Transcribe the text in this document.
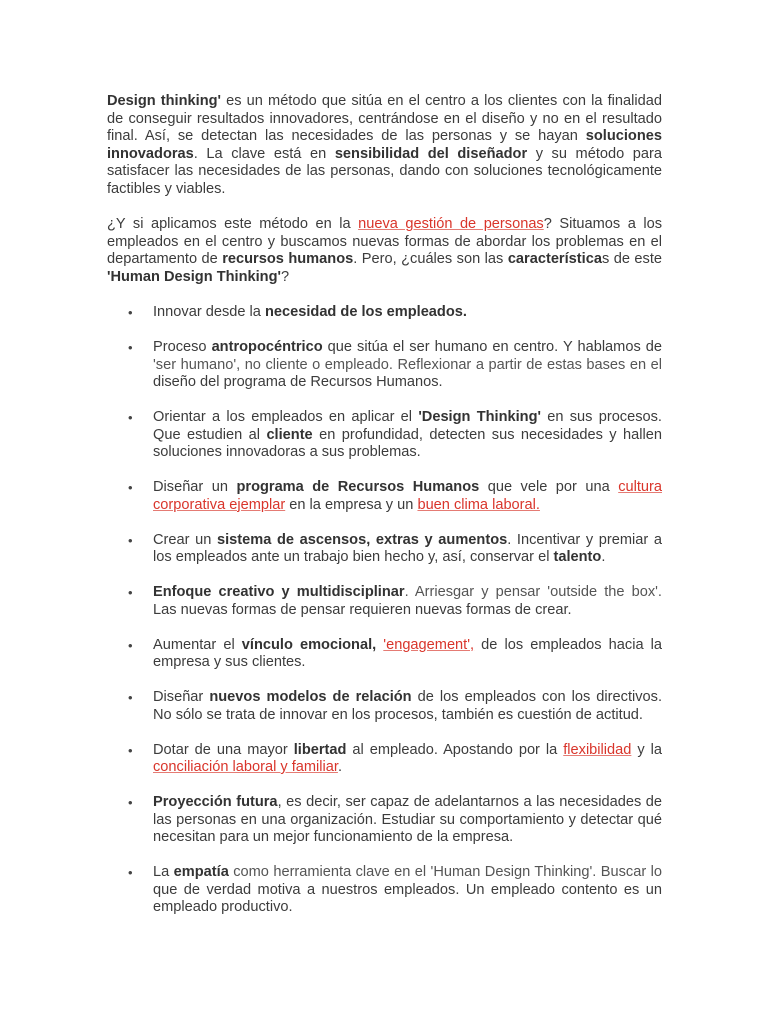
Design thinking' es un método que sitúa en el centro a los clientes con la finalidad de conseguir resultados innovadores, centrándose en el diseño y no en el resultado final. Así, se detectan las necesidades de las personas y se hayan soluciones innovadoras. La clave está en sensibilidad del diseñador y su método para satisfacer las necesidades de las personas, dando con soluciones tecnológicamente factibles y viables.

¿Y si aplicamos este método en la nueva gestión de personas? Situamos a los empleados en el centro y buscamos nuevas formas de abordar los problemas en el departamento de recursos humanos. Pero, ¿cuáles son las características de este 'Human Design Thinking'?

• Innovar desde la necesidad de los empleados.
• Proceso antropocéntrico que sitúa el ser humano en centro. Y hablamos de 'ser humano', no cliente o empleado. Reflexionar a partir de estas bases en el diseño del programa de Recursos Humanos.
• Orientar a los empleados en aplicar el 'Design Thinking' en sus procesos. Que estudien al cliente en profundidad, detecten sus necesidades y hallen soluciones innovadoras a sus problemas.
• Diseñar un programa de Recursos Humanos que vele por una cultura corporativa ejemplar en la empresa y un buen clima laboral.
• Crear un sistema de ascensos, extras y aumentos. Incentivar y premiar a los empleados ante un trabajo bien hecho y, así, conservar el talento.
• Enfoque creativo y multidisciplinar. Arriesgar y pensar 'outside the box'. Las nuevas formas de pensar requieren nuevas formas de crear.
• Aumentar el vínculo emocional, 'engagement', de los empleados hacia la empresa y sus clientes.
• Diseñar nuevos modelos de relación de los empleados con los directivos. No sólo se trata de innovar en los procesos, también es cuestión de actitud.
• Dotar de una mayor libertad al empleado. Apostando por la flexibilidad y la conciliación laboral y familiar.
• Proyección futura, es decir, ser capaz de adelantarnos a las necesidades de las personas en una organización. Estudiar su comportamiento y detectar qué necesitan para un mejor funcionamiento de la empresa.
• La empatía como herramienta clave en el 'Human Design Thinking'. Buscar lo que de verdad motiva a nuestros empleados. Un empleado contento es un empleado productivo.
